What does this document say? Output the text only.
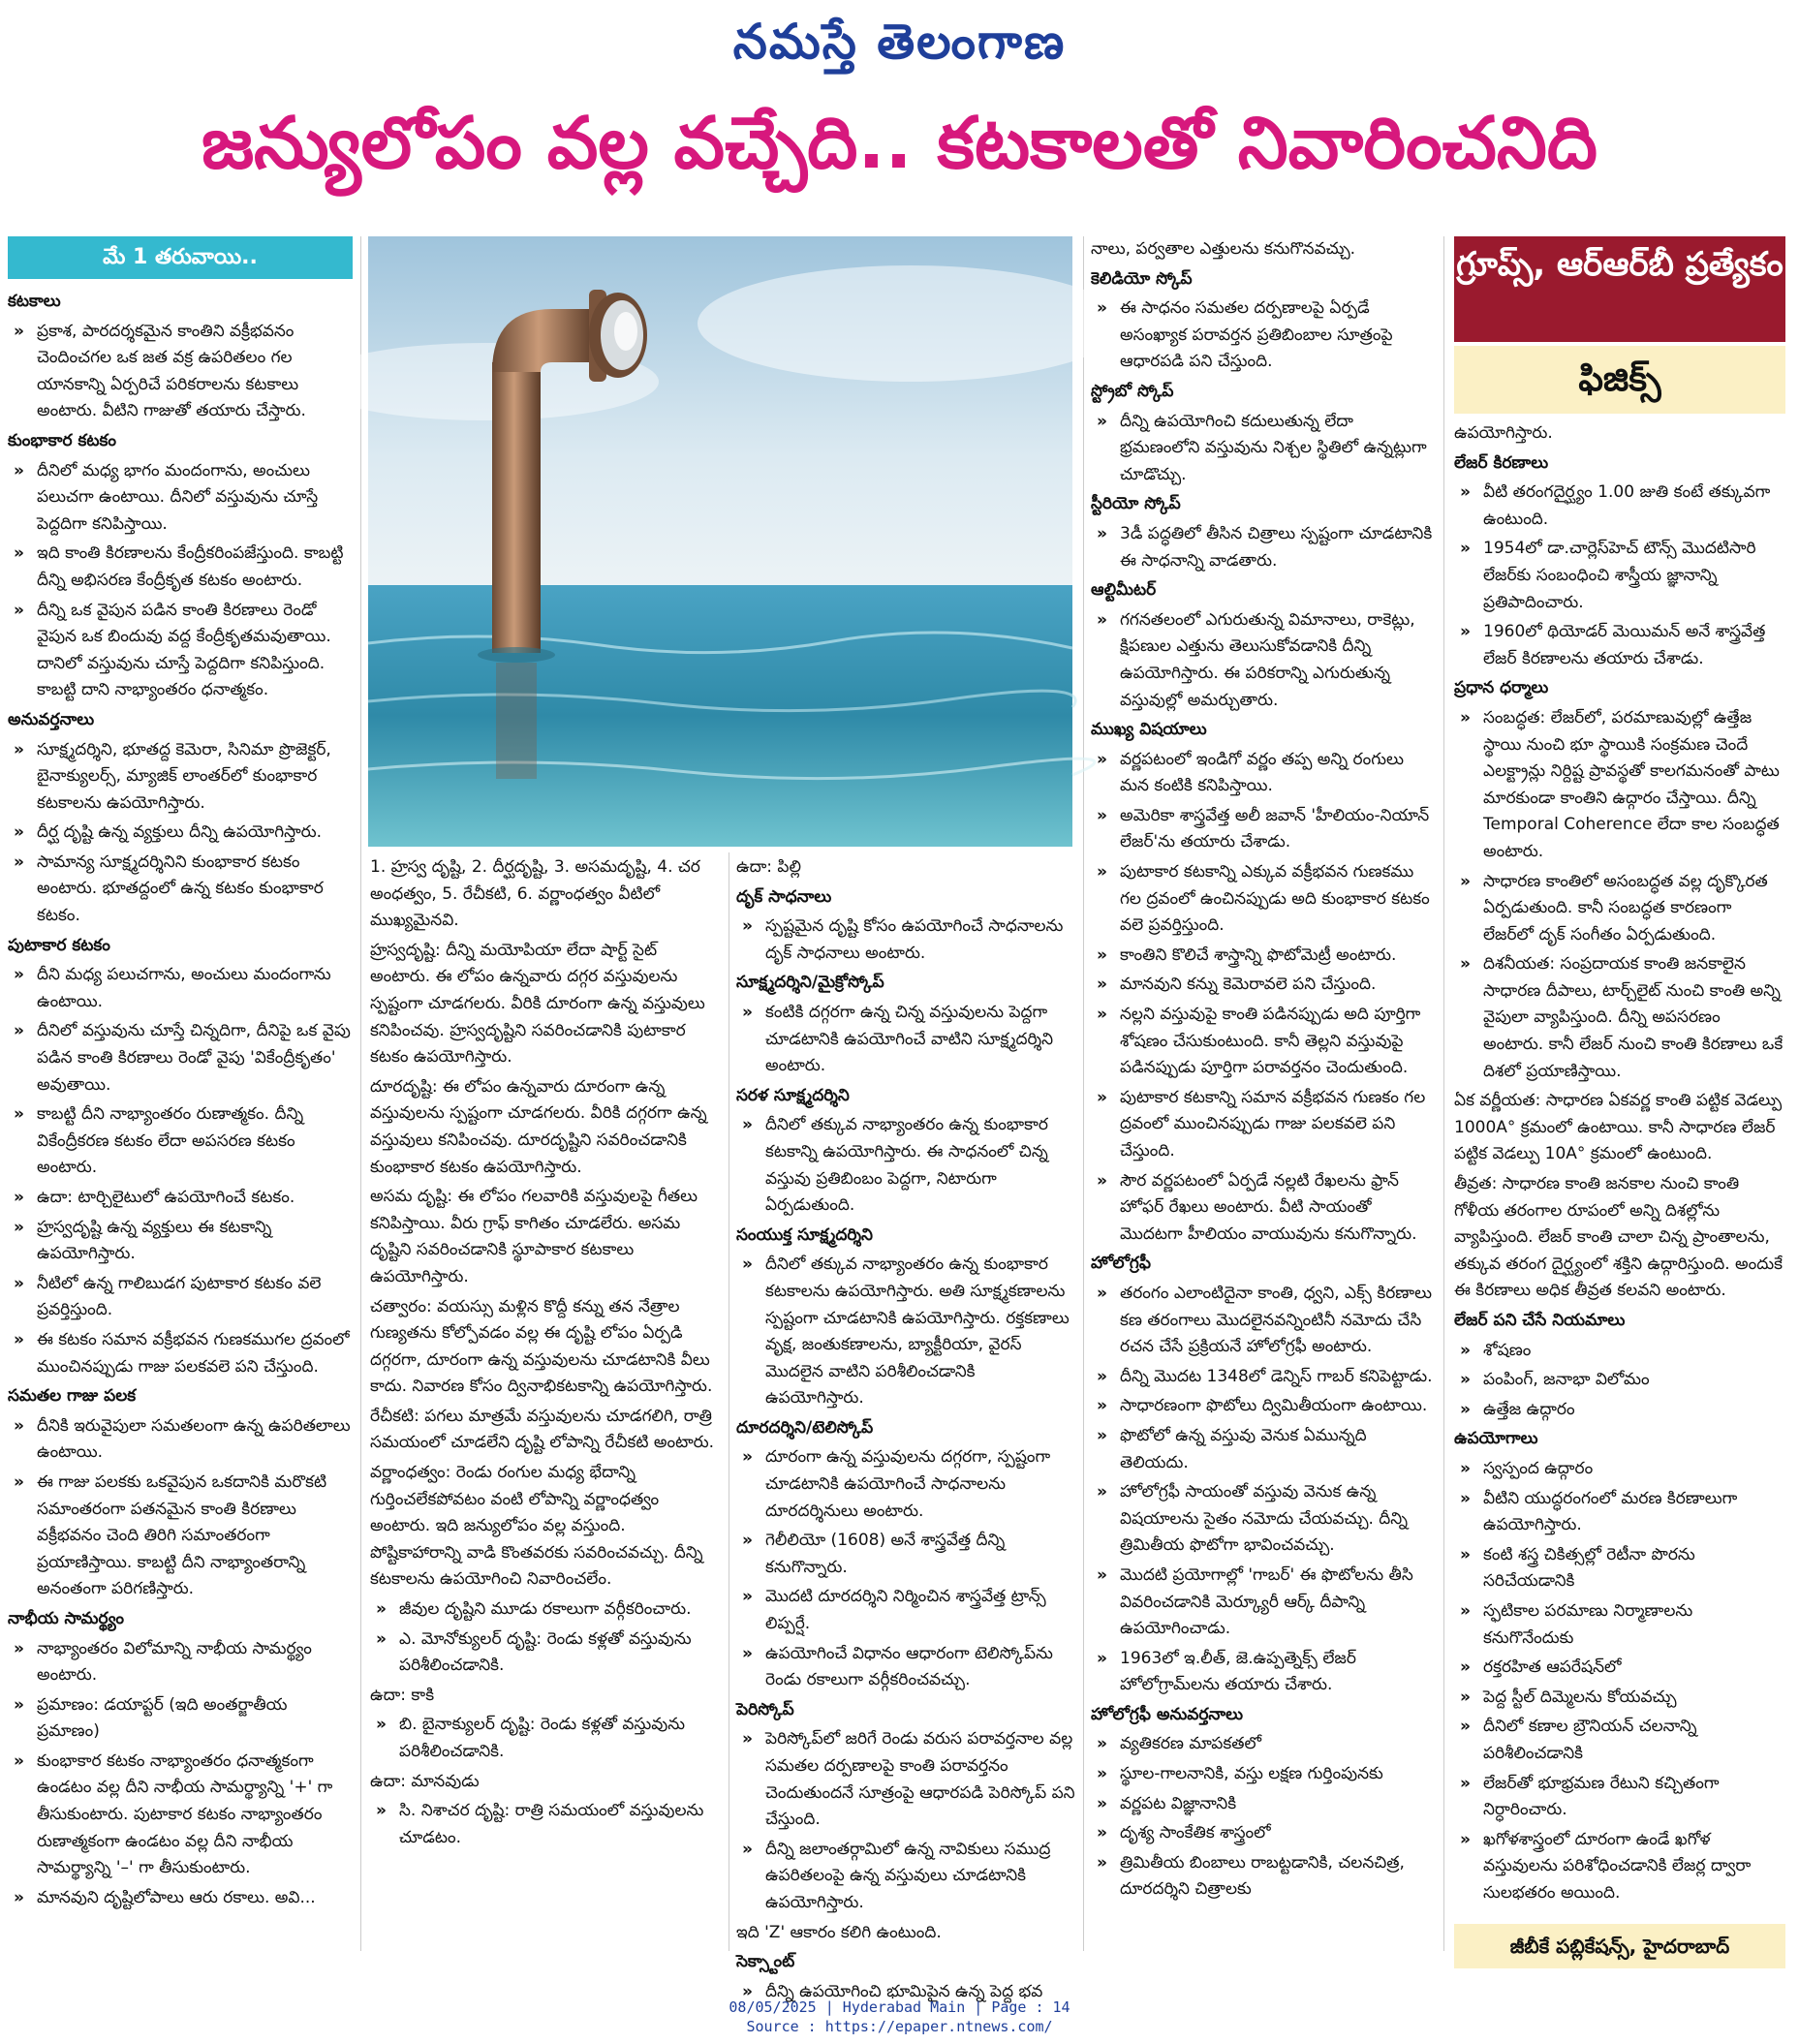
నమస్తే తెలంగాణ
జన్యులోపం వల్ల వచ్చేది.. కటకాలతో నివారించనిది
మే 1 తరువాయి..

కటకాలు

» ప్రకాశ, పారదర్శకమైన కాంతిని వక్రీభవనం చెందించగల ఒక జత వక్ర ఉపరితలం గల యానకాన్ని ఏర్పరిచే పరికరాలను కటకాలు అంటారు. వీటిని గాజుతో తయారు చేస్తారు.

కుంభాకార కటకం

» దీనిలో మధ్య భాగం మందంగాను, అంచులు పలుచగా ఉంటాయి. దీనిలో వస్తువును చూస్తే పెద్దదిగా కనిపిస్తాయి.

» ఇది కాంతి కిరణాలను కేంద్రీకరింపజేస్తుంది. కాబట్టి దీన్ని అభిసరణ కేంద్రీకృత కటకం అంటారు.

» దీన్ని ఒక వైపున పడిన కాంతి కిరణాలు రెండో వైపున ఒక బిందువు వద్ద కేంద్రీకృతమవుతాయి. దానిలో వస్తువును చూస్తే పెద్దదిగా కనిపిస్తుంది. కాబట్టి దాని నాభ్యాంతరం ధనాత్మకం.

అనువర్తనాలు

» సూక్ష్మదర్శిని, భూతద్ద కెమెరా, సినిమా ప్రొజెక్టర్, బైనాక్యులర్స్, మ్యాజిక్ లాంతర్‌లో కుంభాకార కటకాలను ఉపయోగిస్తారు.

» దీర్ఘ దృష్టి ఉన్న వ్యక్తులు దీన్ని ఉపయోగిస్తారు.

» సామాన్య సూక్ష్మదర్శినిని కుంభాకార కటకం అంటారు. భూతద్దంలో ఉన్న కటకం కుంభాకార కటకం.

పుటాకార కటకం

» దీని మధ్య పలుచగాను, అంచులు మందంగాను ఉంటాయి.

» దీనిలో వస్తువును చూస్తే చిన్నదిగా, దీనిపై ఒక వైపు పడిన కాంతి కిరణాలు రెండో వైపు 'వికేంద్రీకృతం' అవుతాయి.

» కాబట్టి దీని నాభ్యాంతరం రుణాత్మకం. దీన్ని వికేంద్రీకరణ కటకం లేదా అపసరణ కటకం అంటారు.

» ఉదా: టార్చిలైటులో ఉపయోగించే కటకం.

» హ్రస్వదృష్టి ఉన్న వ్యక్తులు ఈ కటకాన్ని ఉపయోగిస్తారు.

» నీటిలో ఉన్న గాలిబుడగ పుటాకార కటకం వలె ప్రవర్తిస్తుంది.

» ఈ కటకం సమాన వక్రీభవన గుణకముగల ద్రవంలో ముంచినప్పుడు గాజు పలకవలె పని చేస్తుంది.

సమతల గాజు పలక

» దీనికి ఇరువైపులా సమతలంగా ఉన్న ఉపరితలాలు ఉంటాయి.

» ఈ గాజు పలకకు ఒకవైపున ఒకదానికి మరొకటి సమాంతరంగా పతనమైన కాంతి కిరణాలు వక్రీభవనం చెంది తిరిగి సమాంతరంగా ప్రయాణిస్తాయి. కాబట్టి దీని నాభ్యాంతరాన్ని అనంతంగా పరిగణిస్తారు.

నాభీయ సామర్థ్యం

» నాభ్యాంతరం విలోమాన్ని నాభీయ సామర్థ్యం అంటారు.

» ప్రమాణం: డయాప్టర్ (ఇది అంతర్జాతీయ ప్రమాణం)

» కుంభాకార కటకం నాభ్యాంతరం ధనాత్మకంగా ఉండటం వల్ల దీని నాభీయ సామర్థ్యాన్ని '+' గా తీసుకుంటారు. పుటాకార కటకం నాభ్యాంతరం రుణాత్మకంగా ఉండటం వల్ల దీని నాభీయ సామర్థ్యాన్ని '–' గా తీసుకుంటారు.

» మానవుని దృష్టిలోపాలు ఆరు రకాలు. అవి...

1. హ్రస్వ దృష్టి, 2. దీర్ఘదృష్టి, 3. అసమదృష్టి, 4. చర అంధత్వం, 5. రేచీకటి, 6. వర్ణాంధత్వం వీటిలో ముఖ్యమైనవి.

హ్రస్వదృష్టి: దీన్ని మయోపియా లేదా షార్ట్ సైట్ అంటారు. ఈ లోపం ఉన్నవారు దగ్గర వస్తువులను స్పష్టంగా చూడగలరు. వీరికి దూరంగా ఉన్న వస్తువులు కనిపించవు. హ్రస్వదృష్టిని సవరించడానికి పుటాకార కటకం ఉపయోగిస్తారు.

దూరదృష్టి: ఈ లోపం ఉన్నవారు దూరంగా ఉన్న వస్తువులను స్పష్టంగా చూడగలరు. వీరికి దగ్గరగా ఉన్న వస్తువులు కనిపించవు. దూరదృష్టిని సవరించడానికి కుంభాకార కటకం ఉపయోగిస్తారు.

అసమ దృష్టి: ఈ లోపం గలవారికి వస్తువులపై గీతలు కనిపిస్తాయి. వీరు గ్రాఫ్ కాగితం చూడలేరు. అసమ దృష్టిని సవరించడానికి స్థూపాకార కటకాలు ఉపయోగిస్తారు.

చత్వారం: వయస్సు మళ్లిన కొద్దీ కన్ను తన నేత్రాల గుణ్యతను కోల్పోవడం వల్ల ఈ దృష్టి లోపం ఏర్పడి దగ్గరగా, దూరంగా ఉన్న వస్తువులను చూడటానికి వీలు కాదు. నివారణ కోసం ద్వినాభికటకాన్ని ఉపయోగిస్తారు.

రేచీకటి: పగలు మాత్రమే వస్తువులను చూడగలిగి, రాత్రి సమయంలో చూడలేని దృష్టి లోపాన్ని రేచీకటి అంటారు.

వర్ణాంధత్వం: రెండు రంగుల మధ్య భేదాన్ని గుర్తించలేకపోవటం వంటి లోపాన్ని వర్ణాంధత్వం అంటారు. ఇది జన్యులోపం వల్ల వస్తుంది. పోష్టికాహారాన్ని వాడి కొంతవరకు సవరించవచ్చు. దీన్ని కటకాలను ఉపయోగించి నివారించలేం.

» జీవుల దృష్టిని మూడు రకాలుగా వర్గీకరించారు.

» ఎ. మోనోక్యులర్ దృష్టి: రెండు కళ్లతో వస్తువును పరిశీలించడానికి.

ఉదా: కాకి

» బి. బైనాక్యులర్ దృష్టి: రెండు కళ్లతో వస్తువును పరిశీలించడానికి.

ఉదా: మానవుడు

» సి. నిశాచర దృష్టి: రాత్రి సమయంలో వస్తువులను చూడటం.

ఉదా: పిల్లి

దృక్ సాధనాలు

» స్పష్టమైన దృష్టి కోసం ఉపయోగించే సాధనాలను దృక్ సాధనాలు అంటారు.

సూక్ష్మదర్శిని/మైక్రోస్కోప్

» కంటికి దగ్గరగా ఉన్న చిన్న వస్తువులను పెద్దగా చూడటానికి ఉపయోగించే వాటిని సూక్ష్మదర్శిని అంటారు.

సరళ సూక్ష్మదర్శిని

» దీనిలో తక్కువ నాభ్యాంతరం ఉన్న కుంభాకార కటకాన్ని ఉపయోగిస్తారు. ఈ సాధనంలో చిన్న వస్తువు ప్రతిబింబం పెద్దగా, నిటారుగా ఏర్పడుతుంది.

సంయుక్త సూక్ష్మదర్శిని

» దీనిలో తక్కువ నాభ్యాంతరం ఉన్న కుంభాకార కటకాలను ఉపయోగిస్తారు. అతి సూక్ష్మకణాలను స్పష్టంగా చూడటానికి ఉపయోగిస్తారు. రక్తకణాలు వృక్ష, జంతుకణాలను, బ్యాక్టీరియా, వైరస్ మొదలైన వాటిని పరిశీలించడానికి ఉపయోగిస్తారు.

దూరదర్శిని/టెలిస్కోప్

» దూరంగా ఉన్న వస్తువులను దగ్గరగా, స్పష్టంగా చూడటానికి ఉపయోగించే సాధనాలను దూరదర్శినులు అంటారు.

» గెలీలియో (1608) అనే శాస్త్రవేత్త దీన్ని కనుగొన్నారు.

» మొదటి దూరదర్శిని నిర్మించిన శాస్త్రవేత్త ట్రాన్స్ లిప్పర్షే.

» ఉపయోగించే విధానం ఆధారంగా టెలిస్కోప్‌ను రెండు రకాలుగా వర్గీకరించవచ్చు.

పెరిస్కోప్

» పెరిస్కోప్‌లో జరిగే రెండు వరుస పరావర్తనాల వల్ల సమతల దర్పణాలపై కాంతి పరావర్తనం చెందుతుందనే సూత్రంపై ఆధారపడి పెరిస్కోప్ పని చేస్తుంది.

» దీన్ని జలాంతర్గామిలో ఉన్న నావికులు సముద్ర ఉపరితలంపై ఉన్న వస్తువులు చూడటానికి ఉపయోగిస్తారు.

ఇది 'Z' ఆకారం కలిగి ఉంటుంది.

సెక్స్టాంట్

» దీన్ని ఉపయోగించి భూమిపైన ఉన్న పెద్ద భవ

నాలు, పర్వతాల ఎత్తులను కనుగొనవచ్చు.

కెలిడియో స్కోప్

» ఈ సాధనం సమతల దర్పణాలపై ఏర్పడే అసంఖ్యాక పరావర్తన ప్రతిబింబాల సూత్రంపై ఆధారపడి పని చేస్తుంది.

స్ట్రోబో స్కోప్

» దీన్ని ఉపయోగించి కదులుతున్న లేదా భ్రమణంలోని వస్తువును నిశ్చల స్థితిలో ఉన్నట్లుగా చూడొచ్చు.

స్టీరియో స్కోప్

» 3డీ పద్ధతిలో తీసిన చిత్రాలు స్పష్టంగా చూడటానికి ఈ సాధనాన్ని వాడతారు.

ఆల్టిమీటర్

» గగనతలంలో ఎగురుతున్న విమానాలు, రాకెట్లు, క్షిపణుల ఎత్తును తెలుసుకోవడానికి దీన్ని ఉపయోగిస్తారు. ఈ పరికరాన్ని ఎగురుతున్న వస్తువుల్లో అమర్చుతారు.

ముఖ్య విషయాలు

» వర్ణపటంలో ఇండిగో వర్ణం తప్ప అన్ని రంగులు మన కంటికి కనిపిస్తాయి.

» అమెరికా శాస్త్రవేత్త అలీ జవాన్ 'హీలియం-నియాన్ లేజర్'ను తయారు చేశాడు.

» పుటాకార కటకాన్ని ఎక్కువ వక్రీభవన గుణకము గల ద్రవంలో ఉంచినప్పుడు అది కుంభాకార కటకం వలె ప్రవర్తిస్తుంది.

» కాంతిని కొలిచే శాస్త్రాన్ని ఫొటోమెట్రీ అంటారు.

» మానవుని కన్ను కెమెరావలె పని చేస్తుంది.

» నల్లని వస్తువుపై కాంతి పడినప్పుడు అది పూర్తిగా శోషణం చేసుకుంటుంది. కానీ తెల్లని వస్తువుపై పడినప్పుడు పూర్తిగా పరావర్తనం చెందుతుంది.

» పుటాకార కటకాన్ని సమాన వక్రీభవన గుణకం గల ద్రవంలో ముంచినప్పుడు గాజు పలకవలె పని చేస్తుంది.

» సౌర వర్ణపటంలో ఏర్పడే నల్లటి రేఖలను ఫ్రాన్ హోఫర్ రేఖలు అంటారు. వీటి సాయంతో మొదటగా హీలియం వాయువును కనుగొన్నారు.

హోలోగ్రఫీ

» తరంగం ఎలాంటిదైనా కాంతి, ధ్వని, ఎక్స్ కిరణాలు కణ తరంగాలు మొదలైనవన్నింటినీ నమోదు చేసి రచన చేసే ప్రక్రియనే హోలోగ్రఫీ అంటారు.

» దీన్ని మొదట 1348లో డెన్నిస్ గాబర్ కనిపెట్టాడు.

» సాధారణంగా ఫొటోలు ద్విమితీయంగా ఉంటాయి.

» ఫొటోలో ఉన్న వస్తువు వెనుక ఏమున్నది తెలియదు.

» హోలోగ్రఫీ సాయంతో వస్తువు వెనుక ఉన్న విషయాలను సైతం నమోదు చేయవచ్చు. దీన్ని త్రిమితీయ ఫొటోగా భావించవచ్చు.

» మొదటి ప్రయోగాల్లో 'గాబర్' ఈ ఫొటోలను తీసి వివరించడానికి మెర్క్యూరీ ఆర్క్ దీపాన్ని ఉపయోగించాడు.

» 1963లో ఇ.లీత్, జె.ఉప్పత్నెక్స్ లేజర్ హోలోగ్రామ్‌లను తయారు చేశారు.

హోలోగ్రఫీ అనువర్తనాలు

» వ్యతికరణ మాపకతలో

» స్థూల-గాలనానికి, వస్తు లక్షణ గుర్తింపునకు

» వర్ణపట విజ్ఞానానికి

» దృశ్య సాంకేతిక శాస్త్రంలో

» త్రిమితీయ బింబాలు రాబట్టడానికి, చలనచిత్ర, దూరదర్శిని చిత్రాలకు

గ్రూప్స్, ఆర్ఆర్‌బీ ప్రత్యేకం
ఫిజిక్స్

ఉపయోగిస్తారు.

లేజర్ కిరణాలు

» వీటి తరంగదైర్ఘ్యం 1.00 జుతి కంటే తక్కువగా ఉంటుంది.

» 1954లో డా.చార్లెస్‌హెచ్ టౌన్స్ మొదటిసారి లేజర్‌కు సంబంధించి శాస్త్రీయ జ్ఞానాన్ని ప్రతిపాదించారు.

» 1960లో థియోడర్ మెయిమన్ అనే శాస్త్రవేత్త లేజర్ కిరణాలను తయారు చేశాడు.

ప్రధాన ధర్మాలు

» సంబద్ధత: లేజర్‌లో, పరమాణువుల్లో ఉత్తేజ స్థాయి నుంచి భూ స్థాయికి సంక్రమణ చెందే ఎలక్ట్రాన్లు నిర్దిష్ట ప్రావస్థతో కాలగమనంతో పాటు మారకుండా కాంతిని ఉద్గారం చేస్తాయి. దీన్ని Temporal Coherence లేదా కాల సంబద్ధత అంటారు.

» సాధారణ కాంతిలో అసంబద్ధత వల్ల దృక్కొరత ఏర్పడుతుంది. కానీ సంబద్ధత కారణంగా లేజర్‌లో దృక్ సంగీతం ఏర్పడుతుంది.

» దిశనీయత: సంప్రదాయక కాంతి జనకాలైన సాధారణ దీపాలు, టార్చ్‌లైట్ నుంచి కాంతి అన్ని వైపులా వ్యాపిస్తుంది. దీన్ని అపసరణం అంటారు. కానీ లేజర్ నుంచి కాంతి కిరణాలు ఒకే దిశలో ప్రయాణిస్తాయి.

ఏక వర్ణీయత: సాధారణ ఏకవర్ణ కాంతి పట్టిక వెడల్పు 1000A° క్రమంలో ఉంటాయి. కానీ సాధారణ లేజర్ పట్టిక వెడల్పు 10A° క్రమంలో ఉంటుంది.

తీవ్రత: సాధారణ కాంతి జనకాల నుంచి కాంతి గోళీయ తరంగాల రూపంలో అన్ని దిశల్లోను వ్యాపిస్తుంది. లేజర్ కాంతి చాలా చిన్న ప్రాంతాలను, తక్కువ తరంగ దైర్ఘ్యంలో శక్తిని ఉద్గారిస్తుంది. అందుకే ఈ కిరణాలు అధిక తీవ్రత కలవని అంటారు.

లేజర్ పని చేసే నియమాలు

» శోషణం

» పంపింగ్, జనాభా విలోమం

» ఉత్తేజ ఉద్గారం

ఉపయోగాలు

» స్వస్పంద ఉద్గారం

» వీటిని యుద్ధరంగంలో మరణ కిరణాలుగా ఉపయోగిస్తారు.

» కంటి శస్త్ర చికిత్సల్లో రెటీనా పొరను సరిచేయడానికి

» స్ఫటికాల పరమాణు నిర్మాణాలను కనుగొనేందుకు

» రక్తరహిత ఆపరేషన్‌లో

» పెద్ద స్టీల్ దిమ్మెలను కోయవచ్చు

» దీనిలో కణాల బ్రౌనియన్ చలనాన్ని పరిశీలించడానికి

» లేజర్‌తో భూభ్రమణ రేటుని కచ్చితంగా నిర్ధారించారు.

» ఖగోళశాస్త్రంలో దూరంగా ఉండే ఖగోళ వస్తువులను పరిశోధించడానికి లేజర్ల ద్వారా సులభతరం అయింది.

జీబీకే పబ్లికేషన్స్, హైదరాబాద్
08/05/2025 | Hyderabad Main | Page : 14
Source : https://epaper.ntnews.com/
